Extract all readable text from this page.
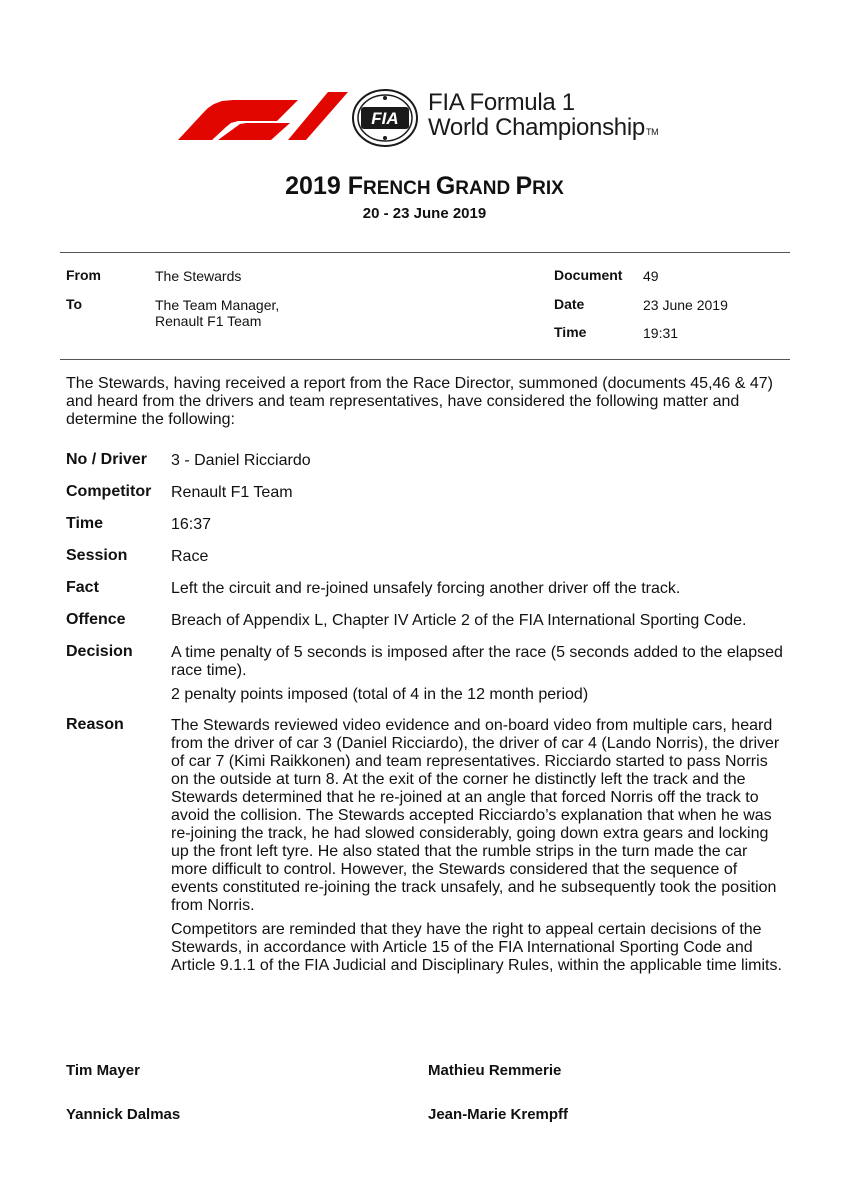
FIA
FIA Formula 1
World ChampionshipTM
2019 FRENCH GRAND PRIX
20 - 23 June 2019
From	The Stewards
To	The Team Manager,
Renault F1 Team
Document 49
Date	23 June 2019
Time	19:31
The Stewards, having received a report from the Race Director, summoned (documents 45,46 & 47) and heard from the drivers and team representatives, have considered the following matter and determine the following:
No / Driver 3 - Daniel Ricciardo
Competitor Renault F1 Team
Time	16:37
Session	Race
Fact	Left the circuit and re-joined unsafely forcing another driver off the track.
Offence	Breach of Appendix L, Chapter IV Article 2 of the FIA International Sporting Code.
Decision A time penalty of 5 seconds is imposed after the race (5 seconds added to the elapsed race time).

2 penalty points imposed (total of 4 in the 12 month period)

Reason	The Stewards reviewed video evidence and on-board video from multiple cars, heard from the driver of car 3 (Daniel Ricciardo), the driver of car 4 (Lando Norris), the driver of car 7 (Kimi Raikkonen) and team representatives. Ricciardo started to pass Norris on the outside at turn 8. At the exit of the corner he distinctly left the track and the Stewards determined that he re-joined at an angle that forced Norris off the track to avoid the collision. The Stewards accepted Ricciardo’s explanation that when he was re-joining the track, he had slowed considerably, going down extra gears and locking up the front left tyre. He also stated that the rumble strips in the turn made the car more difficult to control. However, the Stewards considered that the sequence of events constituted re-joining the track unsafely, and he subsequently took the position from Norris.

Competitors are reminded that they have the right to appeal certain decisions of the Stewards, in accordance with Article 15 of the FIA International Sporting Code and Article 9.1.1 of the FIA Judicial and Disciplinary Rules, within the applicable time limits.

Tim Mayer	Mathieu Remmerie
Yannick Dalmas	Jean-Marie Krempff
